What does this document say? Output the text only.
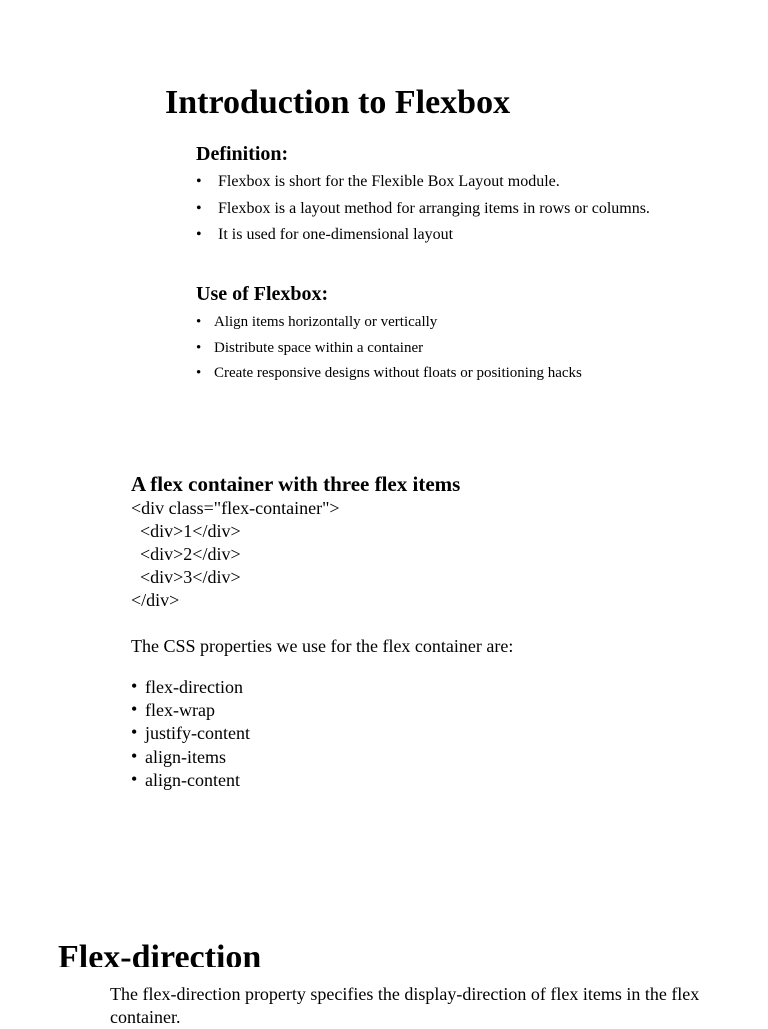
Introduction to Flexbox
Definition:
• Flexbox is short for the Flexible Box Layout module.
• Flexbox is a layout method for arranging items in rows or columns.
• It is used for one-dimensional layout
Use of Flexbox:
• Align items horizontally or vertically
• Distribute space within a container
• Create responsive designs without floats or positioning hacks
A flex container with three flex items

<div class="flex-container">

<div>1</div>

<div>2</div>

<div>3</div>

</div>

The CSS properties we use for the flex container are:

• flex-direction
• flex-wrap
• justify-content
• align-items
• align-content
Flex-direction

The flex-direction property specifies the display-direction of flex items in the flex container.
